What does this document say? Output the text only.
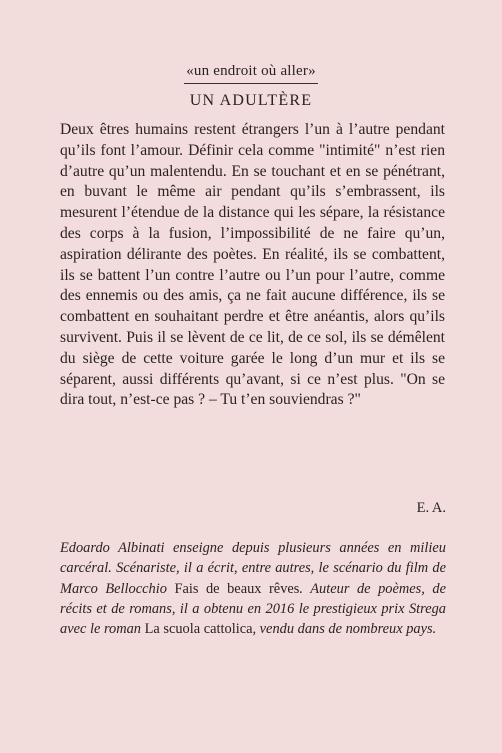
«un endroit où aller»
UN ADULTÈRE

Deux êtres humains restent étrangers l’un à l’autre pendant qu’ils font l’amour. Définir cela comme "intimité" n’est rien d’autre qu’un malentendu. En se touchant et en se pénétrant, en buvant le même air pendant qu’ils s’embrassent, ils mesurent l’étendue de la distance qui les sépare, la résistance des corps à la fusion, l’impossibilité de ne faire qu’un, aspiration délirante des poètes. En réalité, ils se combattent, ils se battent l’un contre l’autre ou l’un pour l’autre, comme des ennemis ou des amis, ça ne fait aucune différence, ils se combattent en souhaitant perdre et être anéantis, alors qu’ils survivent. Puis il se lèvent de ce lit, de ce sol, ils se démêlent du siège de cette voiture garée le long d’un mur et ils se séparent, aussi différents qu’avant, si ce n’est plus. "On se dira tout, n’est-ce pas ? – Tu t’en souviendras ?"

E. A.

Edoardo Albinati enseigne depuis plusieurs années en milieu carcéral. Scénariste, il a écrit, entre autres, le scénario du film de Marco Bellocchio Fais de beaux rêves. Auteur de poèmes, de récits et de romans, il a obtenu en 2016 le prestigieux prix Strega avec le roman La scuola cattolica, vendu dans de nombreux pays.
